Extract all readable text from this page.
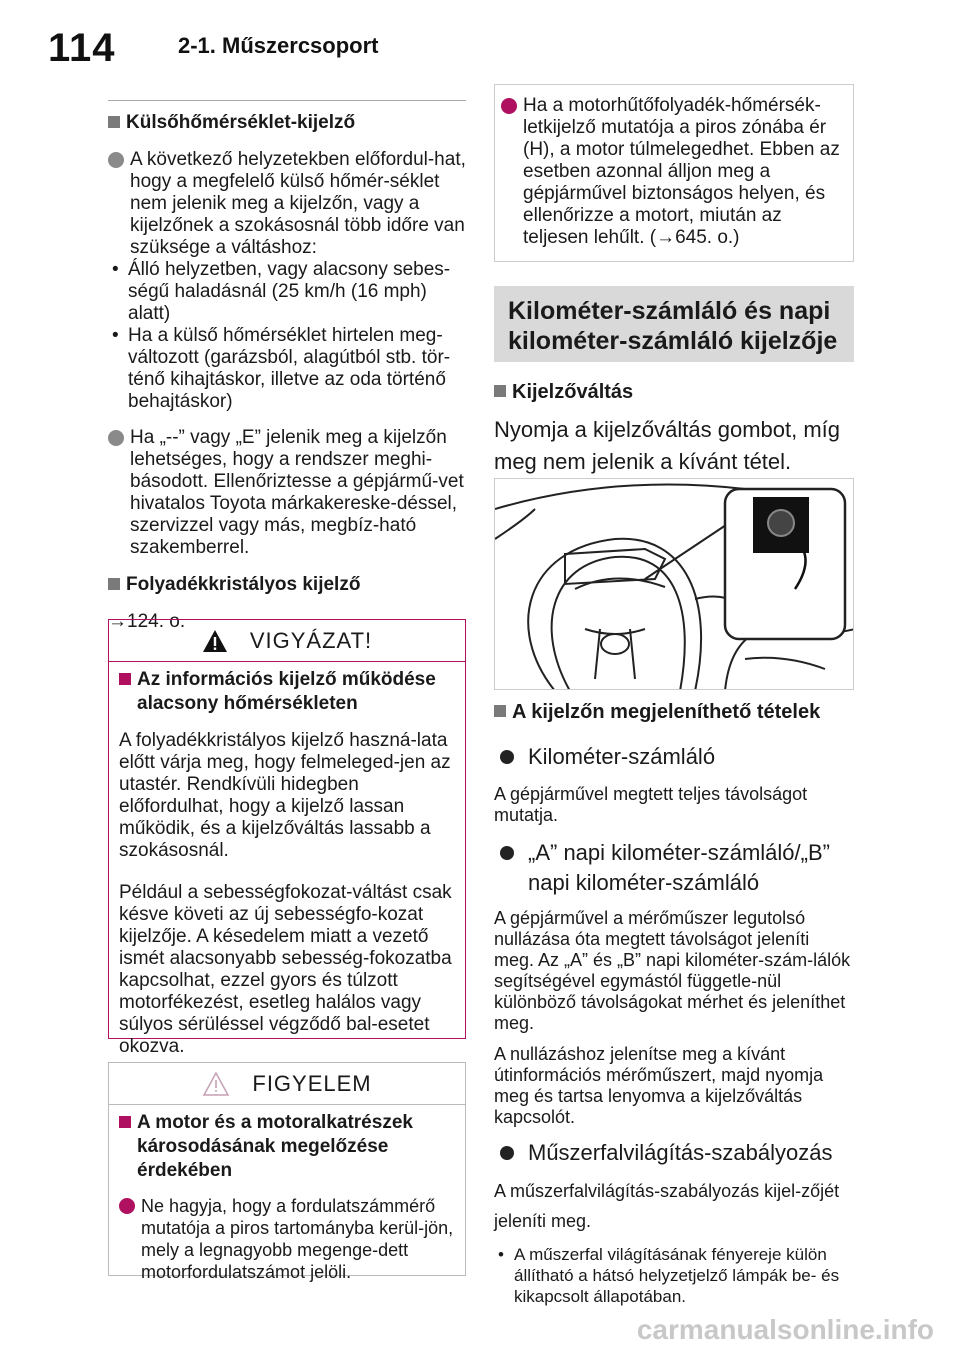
114	2-1. Műszercsoport
Külsőhőmérséklet-kijelző
A következő helyzetekben előfordul-hat, hogy a megfelelő külső hőmér-séklet nem jelenik meg a kijelzőn, vagy a kijelzőnek a szokásosnál több időre van szüksége a váltáshoz:
• Álló helyzetben, vagy alacsony sebes-ségű haladásnál (25 km/h (16 mph) alatt)
• Ha a külső hőmérséklet hirtelen meg-változott (garázsból, alagútból stb. tör-ténő kihajtáskor, illetve az oda történő behajtáskor)
Ha „--” vagy „E” jelenik meg a kijelzőn lehetséges, hogy a rendszer meghi-básodott. Ellenőriztesse a gépjármű-vet hivatalos Toyota márkakereske-déssel, szervizzel vagy más, megbíz-ható szakemberrel.
Folyadékkristályos kijelző
→124. o.
VIGYÁZAT!
Az információs kijelző működése alacsony hőmérsékleten
A folyadékkristályos kijelző haszná-lata előtt várja meg, hogy felmeleged-jen az utastér. Rendkívüli hidegben előfordulhat, hogy a kijelző lassan működik, és a kijelzőváltás lassabb a szokásosnál.
Például a sebességfokozat-váltást csak késve követi az új sebességfo-kozat kijelzője. A késedelem miatt a vezető ismét alacsonyabb sebesség-fokozatba kapcsolhat, ezzel gyors és túlzott motorfékezést, esetleg halálos vagy súlyos sérüléssel végződő bal-esetet okozva.
FIGYELEM
A motor és a motoralkatrészek károsodásának megelőzése érdekében
Ne hagyja, hogy a fordulatszámmérő mutatója a piros tartományba kerül-jön, mely a legnagyobb megenge-dett motorfordulatszámot jelöli.
Ha a motorhűtőfolyadék-hőmérsék-letkijelző mutatója a piros zónába ér (H), a motor túlmelegedhet. Ebben az esetben azonnal álljon meg a gépjárművel biztonságos helyen, és ellenőrizze a motort, miután az teljesen lehűlt. (→645. o.)
Kilométer-számláló és napi kilométer-számláló kijelzője
Kijelzőváltás
Nyomja a kijelzőváltás gombot, míg meg nem jelenik a kívánt tétel.
A kijelzőn megjeleníthető tételek
Kilométer-számláló
A gépjárművel megtett teljes távolságot mutatja.
„A” napi kilométer-számláló/„B” napi kilométer-számláló
A gépjárművel a mérőműszer legutolsó nullázása óta megtett távolságot jeleníti meg. Az „A” és „B” napi kilométer-szám-lálók segítségével egymástól függetle-nül különböző távolságokat mérhet és jeleníthet meg.
A nullázáshoz jelenítse meg a kívánt útinformációs mérőműszert, majd nyomja meg és tartsa lenyomva a kijelzőváltás kapcsolót.
Műszerfalvilágítás-szabályozás
A műszerfalvilágítás-szabályozás kijel-zőjét jeleníti meg.
• A műszerfal világításának fényereje külön állítható a hátsó helyzetjelző lámpák be- és kikapcsolt állapotában.
carmanualsonline.info
